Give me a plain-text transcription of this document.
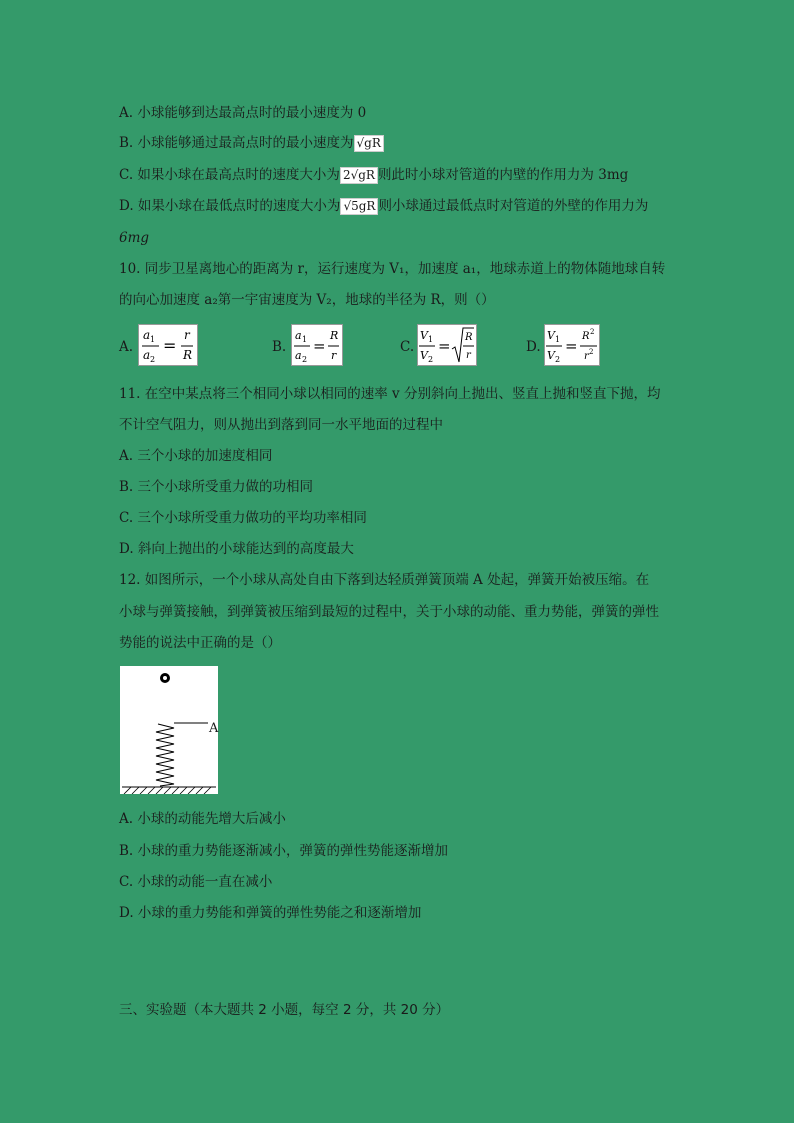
A. 小球能够到达最高点时的最小速度为 0
B. 小球能够通过最高点时的最小速度为 √gR
C. 如果小球在最高点时的速度大小为 2√gR 则此时小球对管道的内壁的作用力为 3mg
D. 如果小球在最低点时的速度大小为 √5gR 则小球通过最低点时对管道的外壁的作用力为
6mg
10. 同步卫星离地心的距离为 r，运行速度为 V₁，加速度 a₁，地球赤道上的物体随地球自转
的向心加速度 a₂第一宇宙速度为 V₂，地球的半径为 R，则（）
A.
a 1
a 2
=
r
R	B.
a 1
a 2
=
R
r
C.
V 1
V 2
= R
r
D.
V 1
V 2
=
R 2
r 2
11. 在空中某点将三个相同小球以相同的速率 v 分别斜向上抛出、竖直上抛和竖直下抛，均
不计空气阻力，则从抛出到落到同一水平地面的过程中
A. 三个小球的加速度相同
B. 三个小球所受重力做的功相同
C. 三个小球所受重力做功的平均功率相同
D. 斜向上抛出的小球能达到的高度最大
12. 如图所示，一个小球从高处自由下落到达轻质弹簧顶端 A 处起，弹簧开始被压缩。在
小球与弹簧接触，到弹簧被压缩到最短的过程中，关于小球的动能、重力势能，弹簧的弹性
势能的说法中正确的是（）
A
A. 小球的动能先增大后减小
B. 小球的重力势能逐渐减小，弹簧的弹性势能逐渐增加
C. 小球的动能一直在减小
D. 小球的重力势能和弹簧的弹性势能之和逐渐增加
三、实验题（本大题共 2 小题，每空 2 分，共 20 分）
